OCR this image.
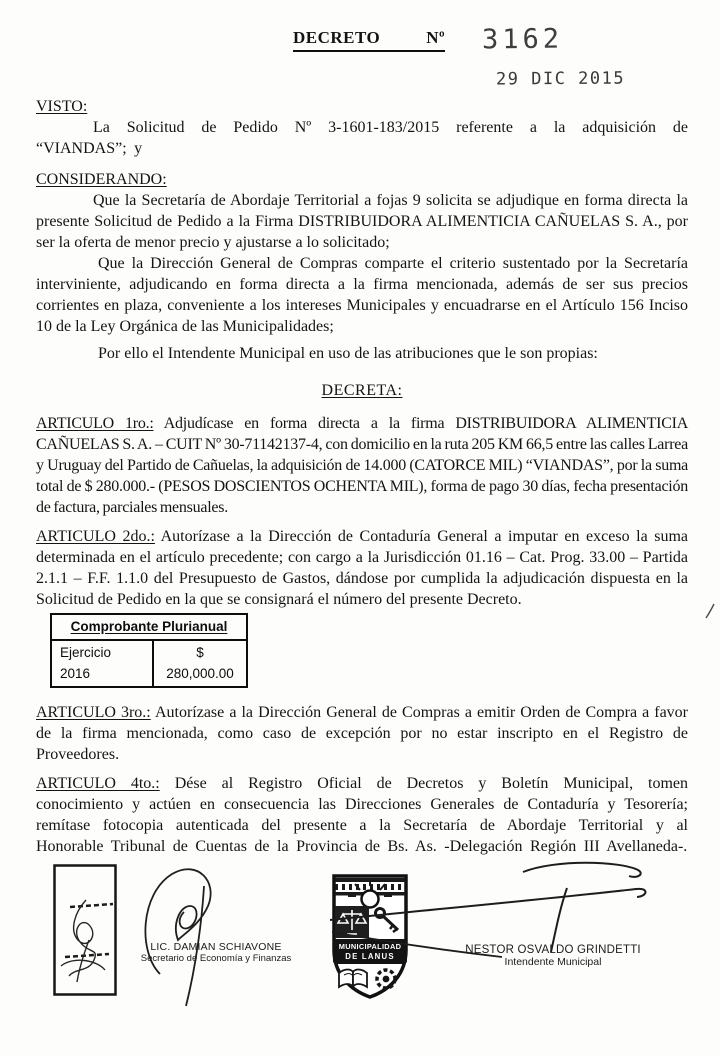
DECRETO	Nº 3162
29 DIC 2015

VISTO:

La Solicitud de Pedido Nº 3-1601-183/2015 referente a la adquisición de “VIANDAS”; y

CONSIDERANDO:

Que la Secretaría de Abordaje Territorial a fojas 9 solicita se adjudique en forma directa la presente Solicitud de Pedido a la Firma DISTRIBUIDORA ALIMENTICIA CAÑUELAS S. A., por ser la oferta de menor precio y ajustarse a lo solicitado;

Que la Dirección General de Compras comparte el criterio sustentado por la Secretaría interviniente, adjudicando en forma directa a la firma mencionada, además de ser sus precios corrientes en plaza, conveniente a los intereses Municipales y encuadrarse en el Artículo 156 Inciso 10 de la Ley Orgánica de las Municipalidades;

Por ello el Intendente Municipal en uso de las atribuciones que le son propias:

DECRETA:

ARTICULO 1ro.: Adjudícase en forma directa a la firma DISTRIBUIDORA ALIMENTICIA CAÑUELAS S. A. – CUIT Nº 30-71142137-4, con domicilio en la ruta 205 KM 66,5 entre las calles Larrea y Uruguay del Partido de Cañuelas, la adquisición de 14.000 (CATORCE MIL) “VIANDAS”, por la suma total de $ 280.000.- (PESOS DOSCIENTOS OCHENTA MIL), forma de pago 30 días, fecha presentación de factura, parciales mensuales.

ARTICULO 2do.: Autorízase a la Dirección de Contaduría General a imputar en exceso la suma determinada en el artículo precedente; con cargo a la Jurisdicción 01.16 – Cat. Prog. 33.00 – Partida 2.1.1 – F.F. 1.1.0 del Presupuesto de Gastos, dándose por cumplida la adjudicación dispuesta en la Solicitud de Pedido en la que se consignará el número del presente Decreto.

Comprobante Plurianual
Ejercicio 2016	$ 280,000.00

ARTICULO 3ro.: Autorízase a la Dirección General de Compras a emitir Orden de Compra a favor de la firma mencionada, como caso de excepción por no estar inscripto en el Registro de Proveedores.

ARTICULO 4to.: Dése al Registro Oficial de Decretos y Boletín Municipal, tomen conocimiento y actúen en consecuencia las Direcciones Generales de Contaduría y Tesorería; remítase fotocopia autenticada del presente a la Secretaría de Abordaje Territorial y al Honorable Tribunal de Cuentas de la Provincia de Bs. As. -Delegación Región III Avellaneda-.

LIC. DAMIAN SCHIAVONE
Secretario de Economía y Finanzas
MUNICIPALIDAD
DE LANUS
NESTOR OSVALDO GRINDETTI
Intendente Municipal
